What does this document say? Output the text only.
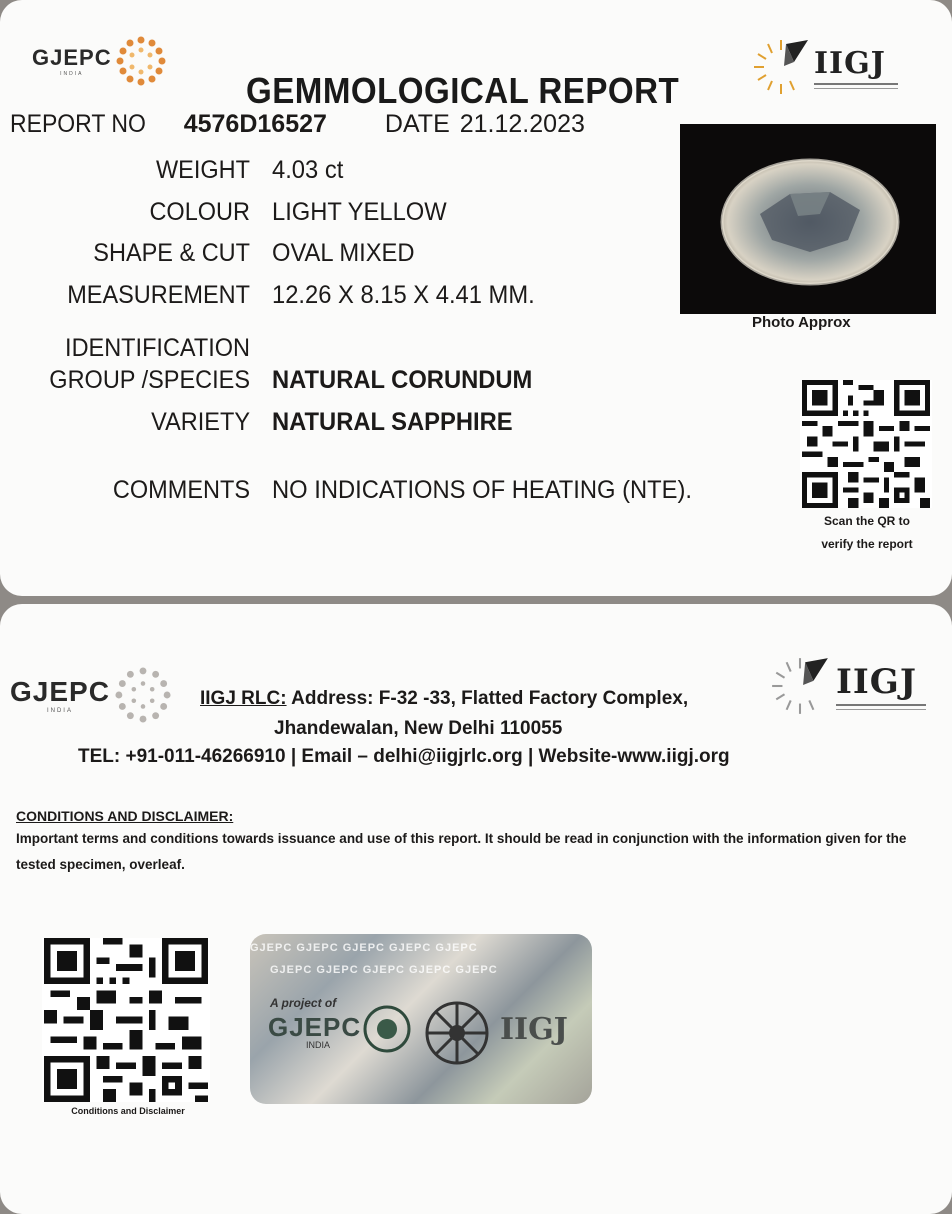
GJEPC
INDIA	IIGJ
GEMMOLOGICAL REPORT
REPORT NO 4576D16527 DATE 21.12.2023
WEIGHT 4.03 ct
COLOUR LIGHT YELLOW
SHAPE & CUT OVAL MIXED
MEASUREMENT 12.26 X 8.15 X 4.41 MM.
IDENTIFICATION
GROUP /SPECIES NATURAL CORUNDUM
VARIETY NATURAL SAPPHIRE
COMMENTS NO INDICATIONS OF HEATING (NTE).
Photo Approx
Scan the QR to
verify the report
GJEPC
INDIA
IIGJ
IIGJ RLC: Address: F-32 -33, Flatted Factory Complex,
Jhandewalan, New Delhi 110055
TEL: +91-011-46266910 | Email – delhi@iigjrlc.org | Website-www.iigj.org
CONDITIONS AND DISCLAIMER:
Important terms and conditions towards issuance and use of this report. It should be read in conjunction with the information given for the tested specimen, overleaf.
Conditions and Disclaimer
GJEPC GJEPC GJEPC GJEPC GJEPC
GJEPC GJEPC GJEPC GJEPC GJEPC
A project of
GJEPC
INDIA	IIGJ
